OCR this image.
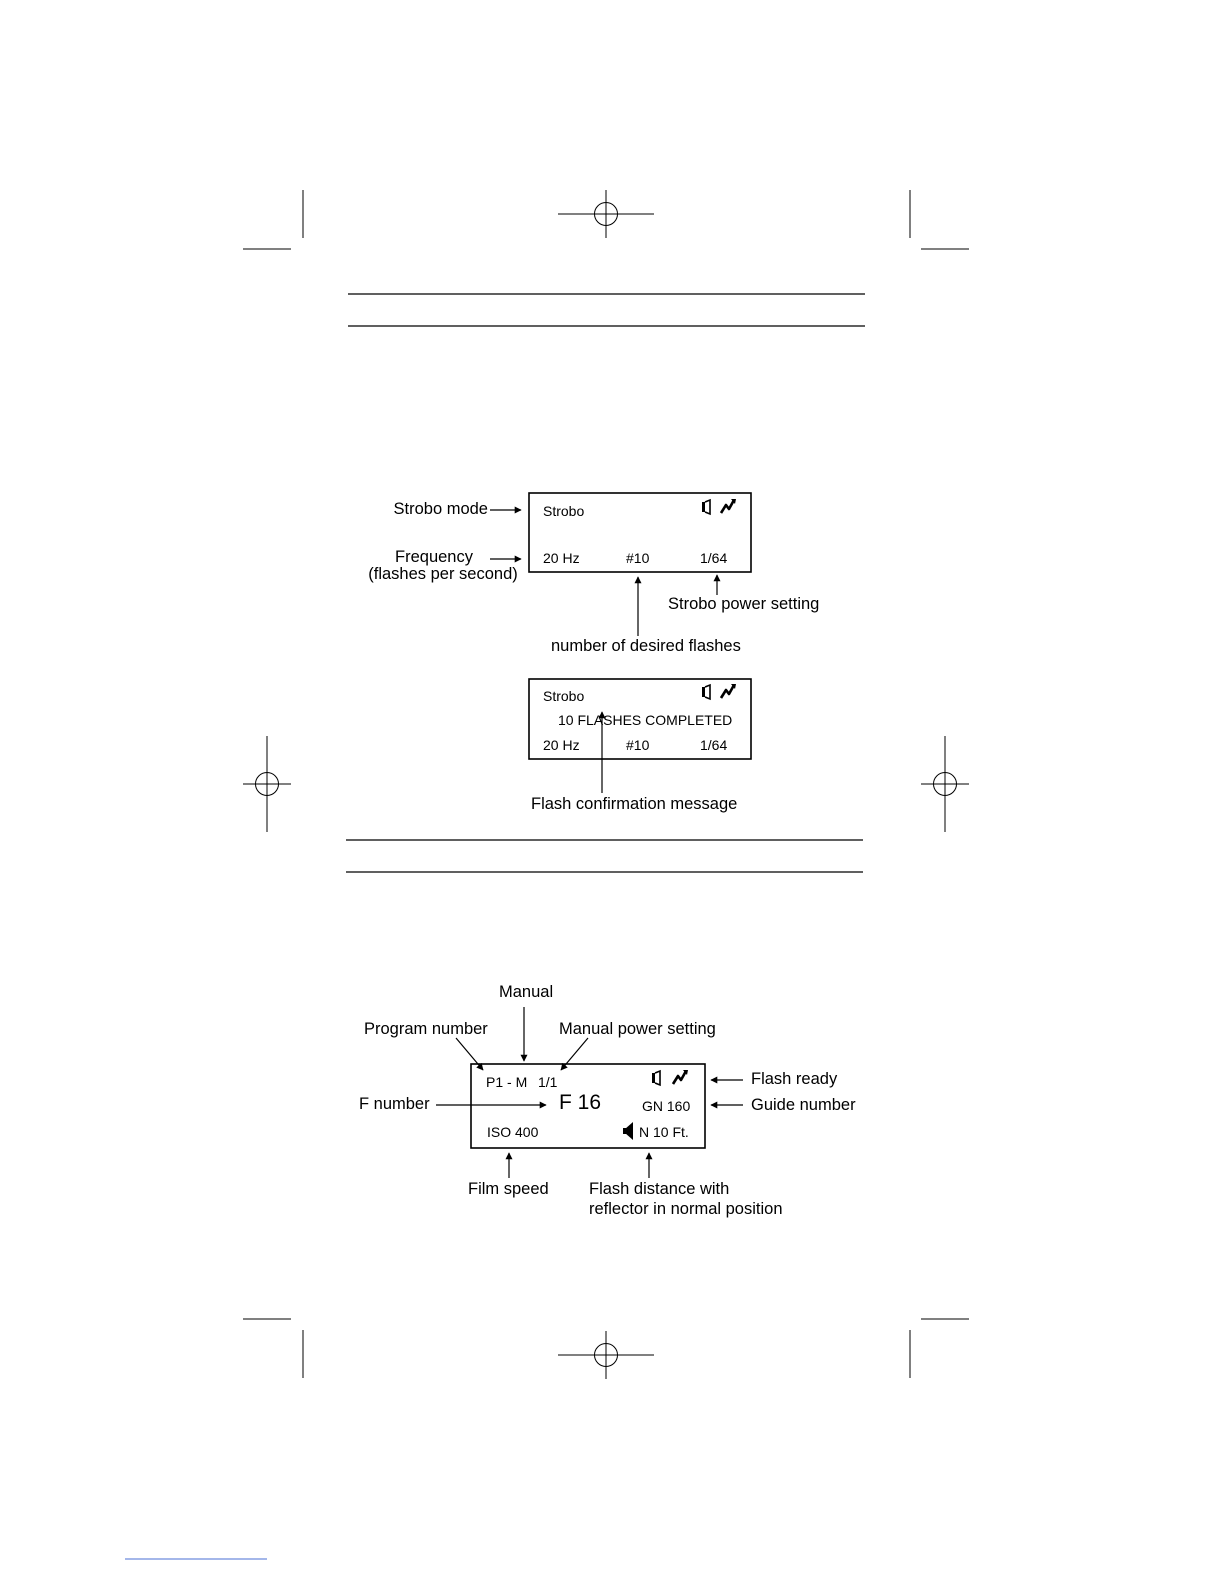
Strobo mode
Frequency
(flashes per second)
Strobo power setting
number of desired flashes
Strobo
20 Hz	#10	1/64
Strobo
10 FLASHES COMPLETED
20 Hz	#10	1/64
Flash confirmation message
Manual
Program number	Manual power setting
Flash ready
F number	Guide number
Film speed Flash distance with
reflector in normal position
P1 - M 1/1
F 16	GN 160
ISO 400	N 10 Ft.
